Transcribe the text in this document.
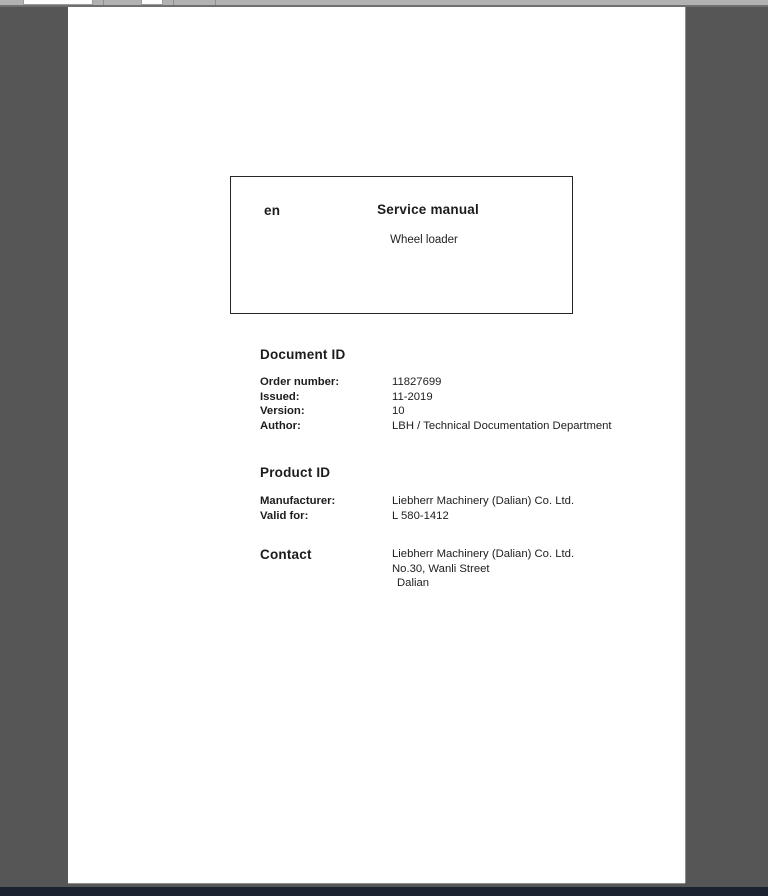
en	Service manual
Wheel loader
Document ID
Order number:	11827699
Issued:	11-2019
Version:	10
Author:	LBH / Technical Documentation Department
Product ID
Manufacturer:	Liebherr Machinery (Dalian) Co. Ltd.
Valid for:	L 580-1412
Contact	Liebherr Machinery (Dalian) Co. Ltd.
No.30, Wanli Street
Dalian
